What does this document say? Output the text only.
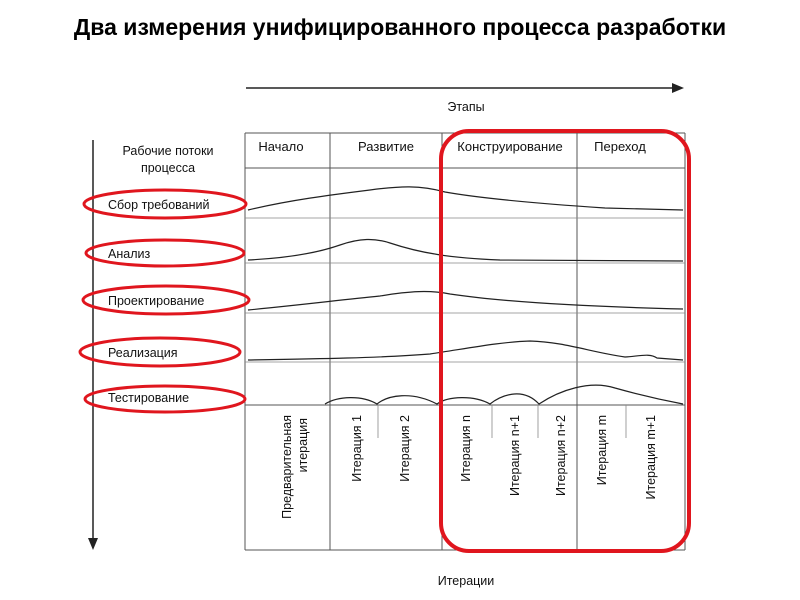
Два измерения унифицированного процесса разработки
Этапы
Рабочие потоки
процесса
Начало	Развитие	Конструирование Переход
Сбор требований
Анализ
Проектирование
Реализация
Тестирование
Предварительная итерация	Итерация 1	Итерация 2	Итерация n	Итерация n+1	Итерация n+2 Итерация m	Итерация m+1
Итерации
